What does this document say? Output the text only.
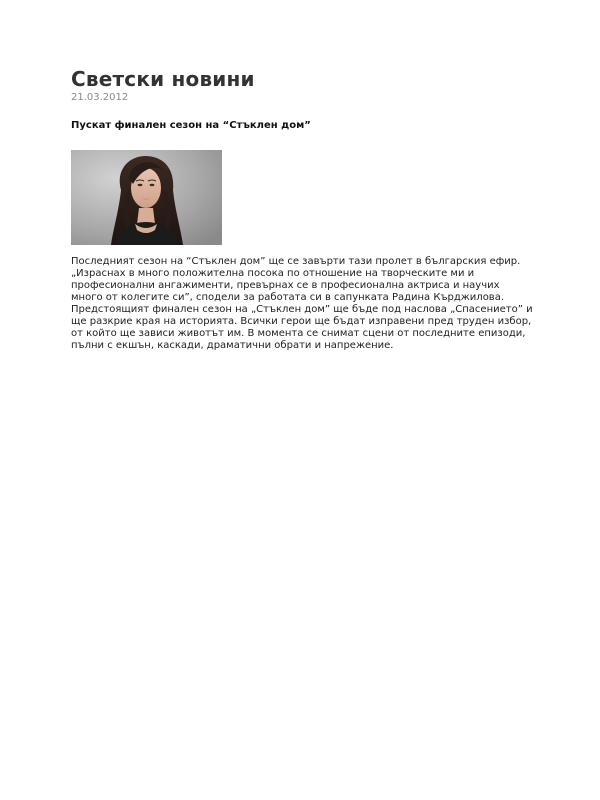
Светски новини
21.03.2012
Пускат финален сезон на “Стъклен дом”

Последният сезон на “Стъклен дом” ще се завърти тази пролет в българския ефир.

„Израснах в много положителна посока по отношение на творческите ми и професионални ангажименти, превърнах се в професионална актриса и научих много от колегите си”, сподели за работата си в сапунката Радина Кърджилова.

Предстоящият финален сезон на „Стъклен дом” ще бъде под наслова „Спасението” и ще разкрие края на историята. Всички герои ще бъдат изправени пред труден избор, от който ще зависи животът им. В момента се снимат сцени от последните епизоди, пълни с екшън, каскади, драматични обрати и напрежение.
